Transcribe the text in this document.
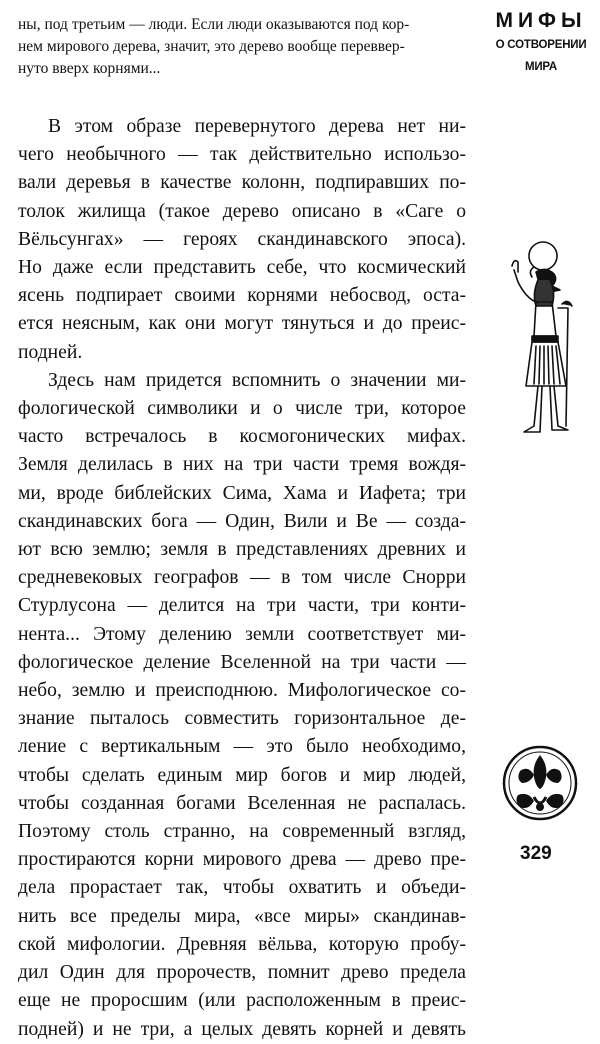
ны, под третьим — люди. Если люди оказываются под кор-
нем мирового дерева, значит, это дерево вообще переввер-
нуто вверх корнями...
МИФЫ
О СОТВОРЕНИИ
МИРА
В этом образе перевернутого дерева нет ни-
чего необычного — так действительно использо-
вали деревья в качестве колонн, подпиравших по-
толок жилища (такое дерево описано в «Саге о
Вёльсунгах» — героях скандинавского эпоса).
Но даже если представить себе, что космический
ясень подпирает своими корнями небосвод, оста-
ется неясным, как они могут тянуться и до преис-
подней.
Здесь нам придется вспомнить о значении ми-
фологической символики и о числе три, которое
часто встречалось в космогонических мифах.
Земля делилась в них на три части тремя вождя-
ми, вроде библейских Сима, Хама и Иафета; три
скандинавских бога — Один, Вили и Ве — созда-
ют всю землю; земля в представлениях древних и
средневековых географов — в том числе Снорри
Стурлусона — делится на три части, три конти-
нента... Этому делению земли соответствует ми-
фологическое деление Вселенной на три части —
небо, землю и преисподнюю. Мифологическое со-
знание пыталось совместить горизонтальное де-
ление с вертикальным — это было необходимо,
чтобы сделать единым мир богов и мир людей,
чтобы созданная богами Вселенная не распалась.
Поэтому столь странно, на современный взгляд,
простираются корни мирового древа — древо пре-
дела прорастает так, чтобы охватить и объеди-
нить все пределы мира, «все миры» скандинав-
ской мифологии. Древняя вёльва, которую пробу-
дил Один для пророчеств, помнит древо предела
еще не проросшим (или расположенным в преис-
подней) и не три, а целых девять корней и девять
329
